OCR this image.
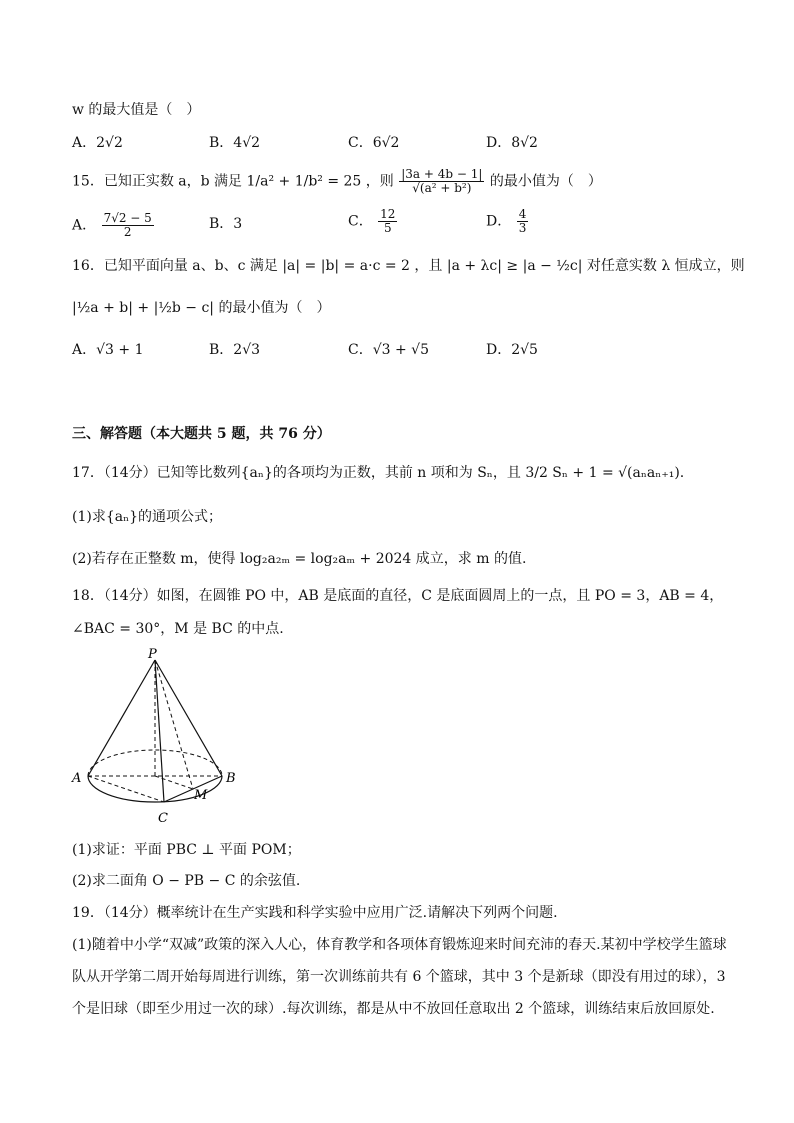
w 的最大值是（　）
A．2√2	B．4√2	C．6√2	D．8√2
15．已知正实数 a，b 满足 1/a² + 1/b² = 25 ，则 $\frac{|3a + 4b - 1|}{\text{√(a² + b²)}}$ 的最小值为（　）
A． $\frac{7√2 - 5}{2}$	B．3	C． $\frac{12}{5}$	D． $\frac{4}{3}$
16．已知平面向量 a、b、c 满足 |a| = |b| = a·c = 2 ，且 |a + λc| ≥ |a − ½c| 对任意实数 λ 恒成立，则
|½a + b| + |½b − c| 的最小值为（　）
A．√3 + 1	B．2√3	C．√3 + √5	D．2√5
三、解答题（本大题共 5 题，共 76 分）
17．（14分）已知等比数列{aₙ}的各项均为正数，其前 n 项和为 Sₙ，且 3/2 Sₙ + 1 = √(aₙaₙ₊₁).
(1)求{aₙ}的通项公式；
(2)若存在正整数 m，使得 log₂a₂ₘ = log₂aₘ + 2024 成立，求 m 的值.
18．（14分）如图，在圆锥 PO 中，AB 是底面的直径，C 是底面圆周上的一点，且 PO = 3，AB = 4，
∠BAC = 30°，M 是 BC 的中点.
P
A	B
C
M
(1)求证：平面 PBC ⊥ 平面 POM；
(2)求二面角 O − PB − C 的余弦值.
19．（14分）概率统计在生产实践和科学实验中应用广泛.请解决下列两个问题.
(1)随着中小学“双减”政策的深入人心，体育教学和各项体育锻炼迎来时间充沛的春天.某初中学校学生篮球
队从开学第二周开始每周进行训练，第一次训练前共有 6 个篮球，其中 3 个是新球（即没有用过的球），3
个是旧球（即至少用过一次的球）.每次训练，都是从中不放回任意取出 2 个篮球，训练结束后放回原处.
